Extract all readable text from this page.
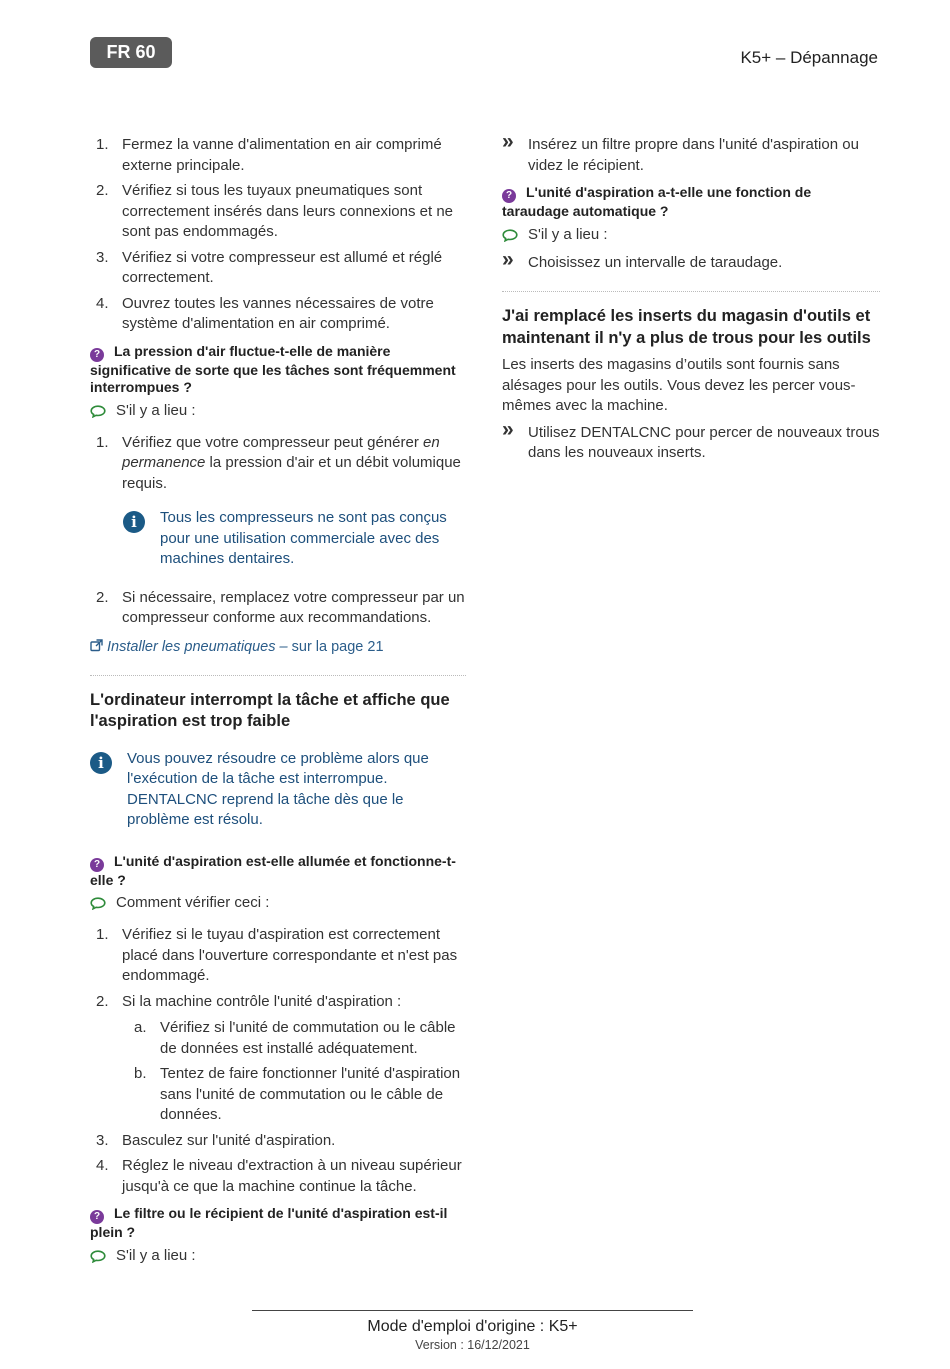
FR 60	K5+ – Dépannage
1. Fermez la vanne d'alimentation en air comprimé externe principale.
2. Vérifiez si tous les tuyaux pneumatiques sont correctement insérés dans leurs connexions et ne sont pas endommagés.
3. Vérifiez si votre compresseur est allumé et réglé correctement.
4. Ouvrez toutes les vannes nécessaires de votre système d'alimentation en air comprimé.
? La pression d'air fluctue-t-elle de manière significative de sorte que les tâches sont fréquemment interrompues ?
S'il y a lieu :
1. Vérifiez que votre compresseur peut générer en permanence la pression d'air et un débit volumique requis.
i	Tous les compresseurs ne sont pas conçus pour une utilisation commerciale avec des machines dentaires.
2. Si nécessaire, remplacez votre compresseur par un compresseur conforme aux recommandations.
Installer les pneumatiques – sur la page 21
L'ordinateur interrompt la tâche et affiche que l'aspiration est trop faible
i	Vous pouvez résoudre ce problème alors que l'exécution de la tâche est interrompue. DENTALCNC reprend la tâche dès que le problème est résolu.
? L'unité d'aspiration est-elle allumée et fonctionne-t-elle ?
Comment vérifier ceci :
1. Vérifiez si le tuyau d'aspiration est correctement placé dans l'ouverture correspondante et n'est pas endommagé.
2. Si la machine contrôle l'unité d'aspiration :
a. Vérifiez si l'unité de commutation ou le câble de données est installé adéquatement.
b. Tentez de faire fonctionner l'unité d'aspiration sans l'unité de commutation ou le câble de données.
3. Basculez sur l'unité d'aspiration.
4. Réglez le niveau d'extraction à un niveau supérieur jusqu'à ce que la machine continue la tâche.
? Le filtre ou le récipient de l'unité d'aspiration est-il plein ?
S'il y a lieu :
» Insérez un filtre propre dans l'unité d'aspiration ou videz le récipient.
? L'unité d'aspiration a-t-elle une fonction de taraudage automatique ?
S'il y a lieu :
» Choisissez un intervalle de taraudage.
J'ai remplacé les inserts du magasin d'outils et maintenant il n'y a plus de trous pour les outils
Les inserts des magasins d’outils sont fournis sans alésages pour les outils. Vous devez les percer vous-mêmes avec la machine.
» Utilisez DENTALCNC pour percer de nouveaux trous dans les nouveaux inserts.
Mode d'emploi d'origine : K5+
Version : 16/12/2021
